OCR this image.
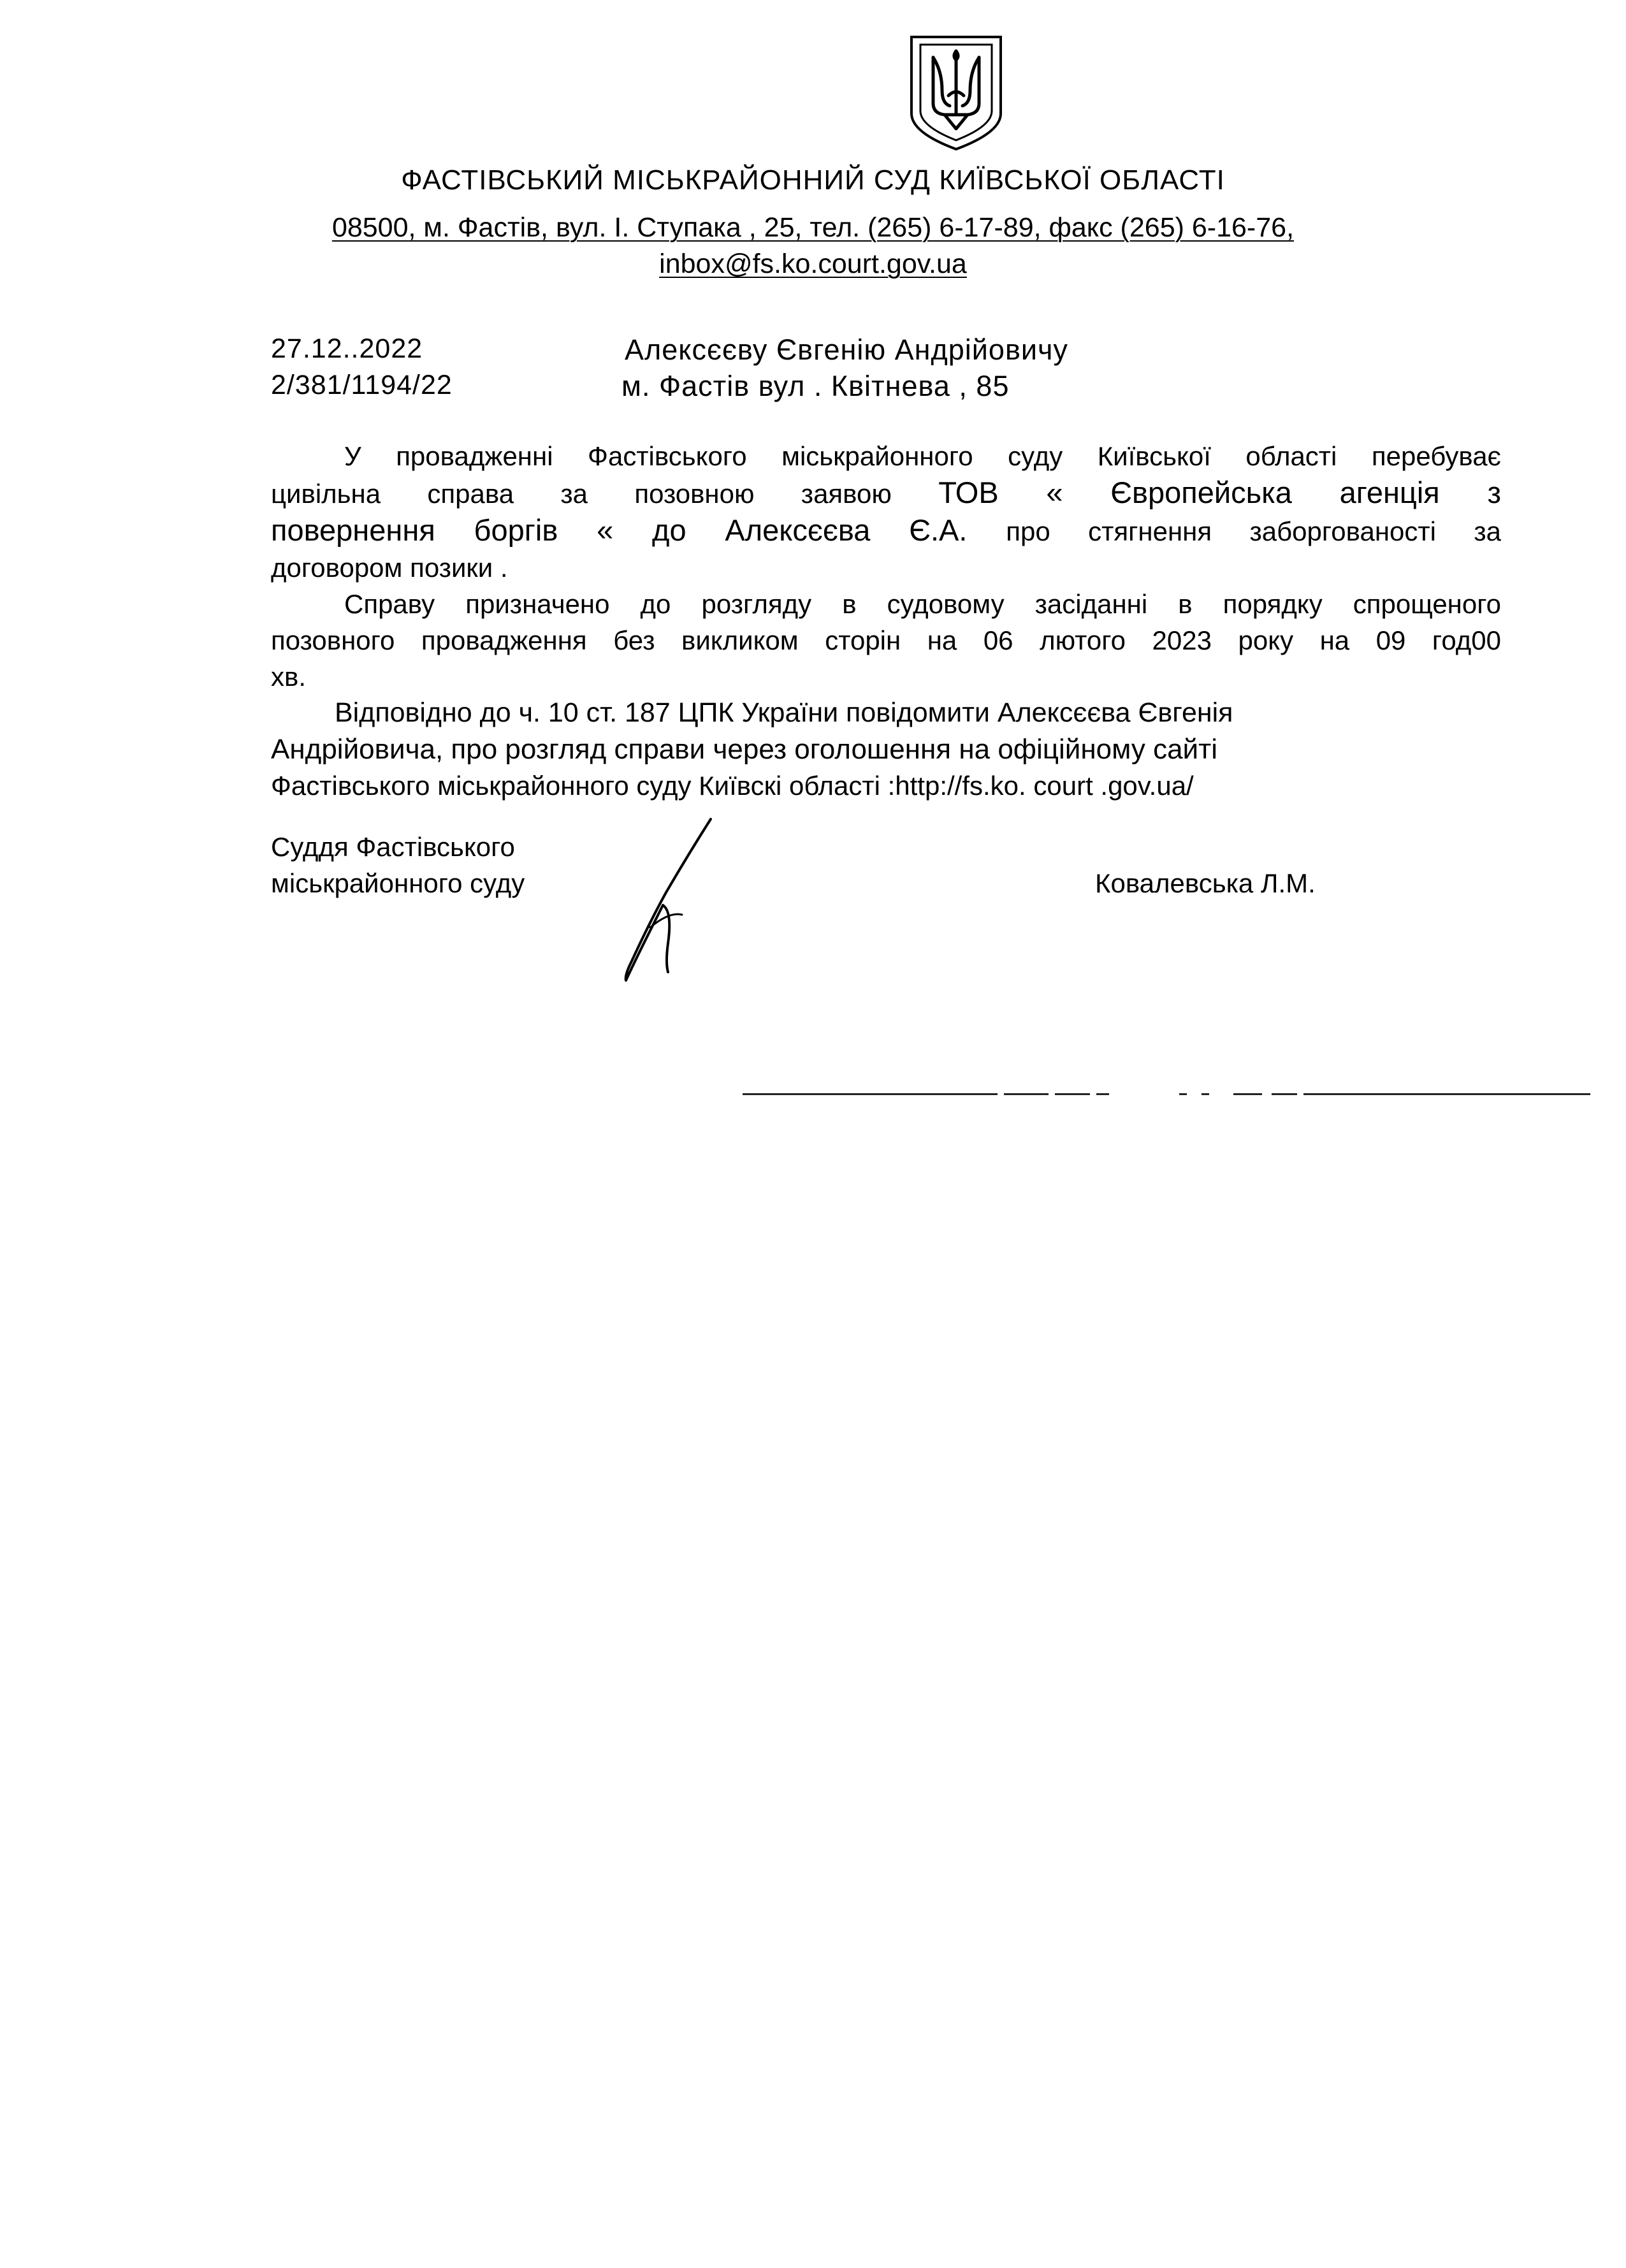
ФАСТІВСЬКИЙ МІСЬКРАЙОННИЙ СУД КИЇВСЬКОЇ ОБЛАСТІ
08500, м. Фастів, вул. І. Ступака , 25, тел. (265) 6-17-89, факс (265) 6-16-76,
inbox@fs.ko.court.gov.ua
27.12..2022
2/381/1194/22
Алексєєву Євгенію Андрійовичу
м. Фастів вул . Квітнева , 85

У провадженні Фастівського міськрайонного суду Київської області перебуває

цивільна справа за позовною заявою ТОВ « Європейська агенція з

повернення боргів « до Алексєєва Є.А. про стягнення заборгованості за

договором позики .

Справу призначено до розгляду в судовому засіданні в порядку спрощеного

позовного провадження без викликом сторін на 06 лютого 2023 року на 09 год00

хв.

Відповідно до ч. 10 ст. 187 ЦПК України повідомити Алексєєва Євгенія

Андрійовича, про розгляд справи через оголошення на офіційному сайті

Фастівського міськрайонного суду Київскі області :http://fs.ko. court .gov.ua/

Суддя Фастівського
міськрайонного суду	Ковалевська Л.М.
